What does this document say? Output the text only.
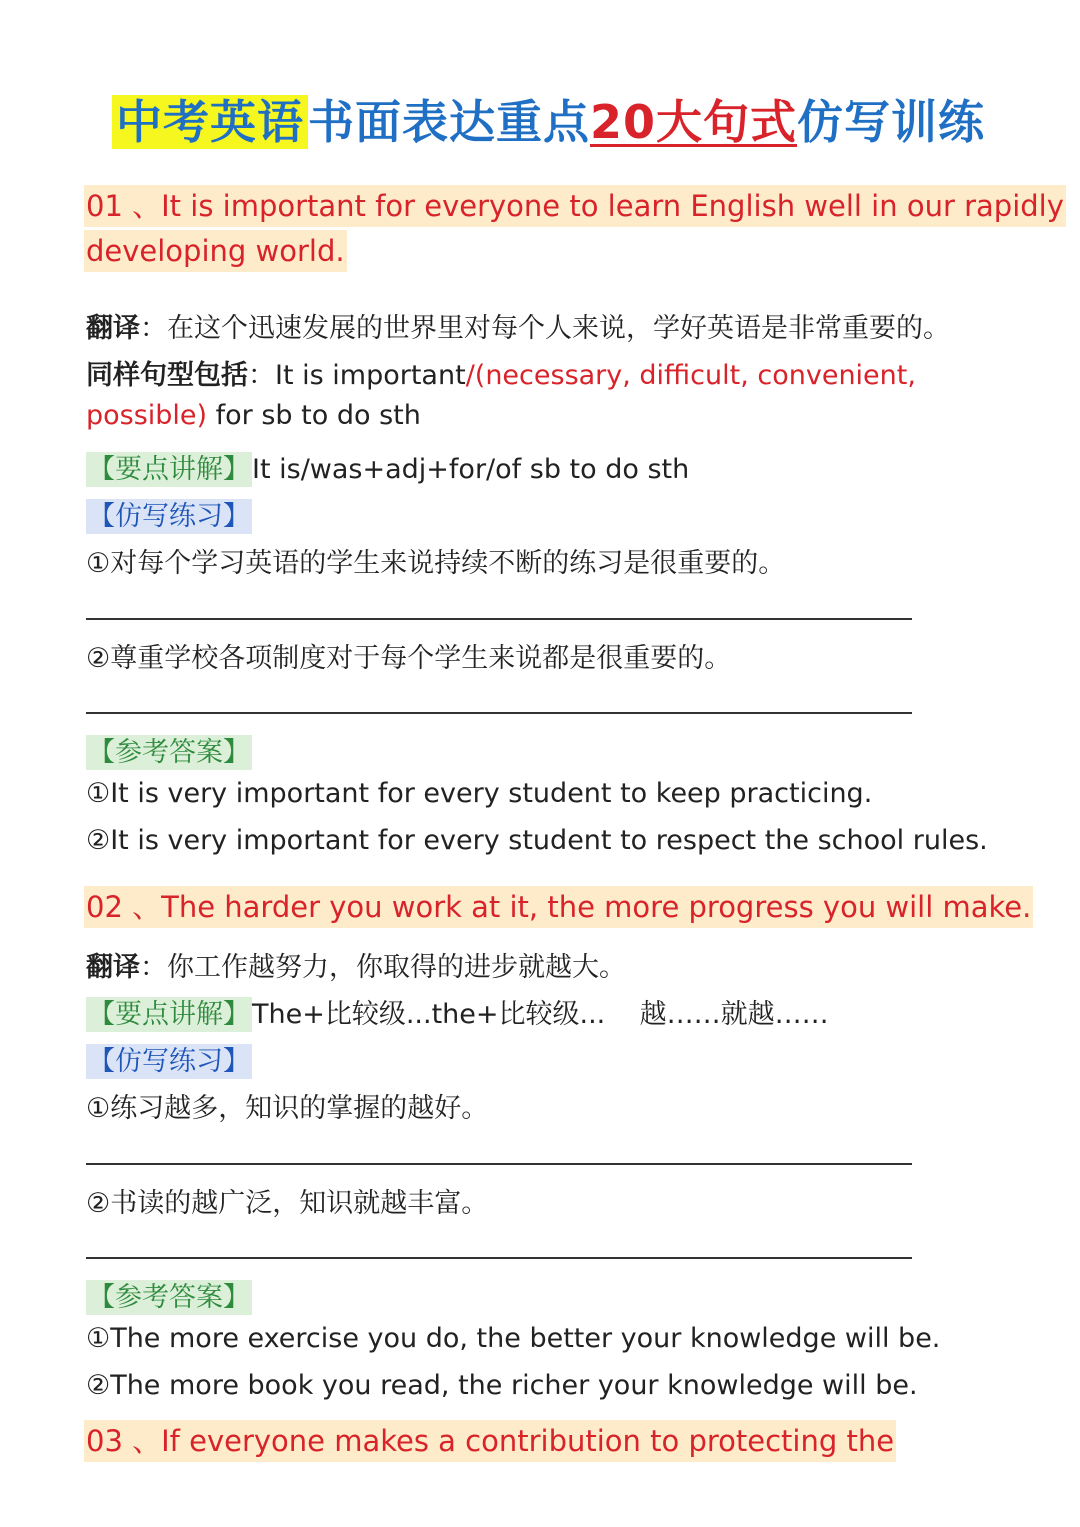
中考英语书面表达重点20大句式仿写训练
01 、It is important for everyone to learn English well in our rapidly
developing world.
翻译：在这个迅速发展的世界里对每个人来说，学好英语是非常重要的。
同样句型包括：It is important/(necessary, difficult, convenient,
possible) for sb to do sth
【要点讲解】It is/was+adj+for/of sb to do sth
【仿写练习】
①对每个学习英语的学生来说持续不断的练习是很重要的。
②尊重学校各项制度对于每个学生来说都是很重要的。
【参考答案】
①It is very important for every student to keep practicing.
②It is very important for every student to respect the school rules.
02 、The harder you work at it, the more progress you will make.
翻译：你工作越努力，你取得的进步就越大。
【要点讲解】The+比较级...the+比较级...    越……就越……
【仿写练习】
①练习越多，知识的掌握的越好。
②书读的越广泛，知识就越丰富。
【参考答案】
①The more exercise you do, the better your knowledge will be.
②The more book you read, the richer your knowledge will be.
03 、If everyone makes a contribution to protecting the
